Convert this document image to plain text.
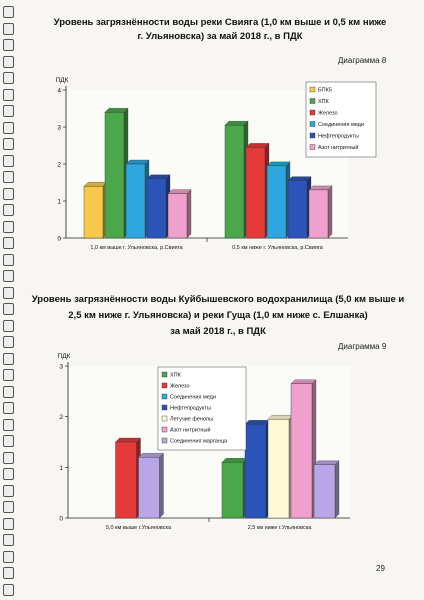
Уровень загрязнённости воды реки Свияга (1,0 км выше и 0,5 км ниже
г. Ульяновска) за май 2018 г., в ПДК
Диаграмма 8
Уровень загрязнённости воды Куйбышевского водохранилища (5,0 км выше и
2,5 км ниже г. Ульяновска) и реки Гуща (1,0 км ниже с. Елшанка)
за май 2018 г., в ПДК
Диаграмма 9
0
1
2
3
4
ПДК
1,0 км выше г. Ульяновска, р.Свияга	0,5 км ниже г. Ульяновска, р.Свияга
БПК5
ХПК
Железо
Соединения меди
Нефтепродукты
Азот нитритный
0
1
2
3
ПДК
5,0 км выше г.Ульяновска	2,5 км ниже г.Ульяновска
ХПК
Железо
Соединения меди
Нефтепродукты
Летучие фенолы
Азот нитритный
Соединения марганца
29
